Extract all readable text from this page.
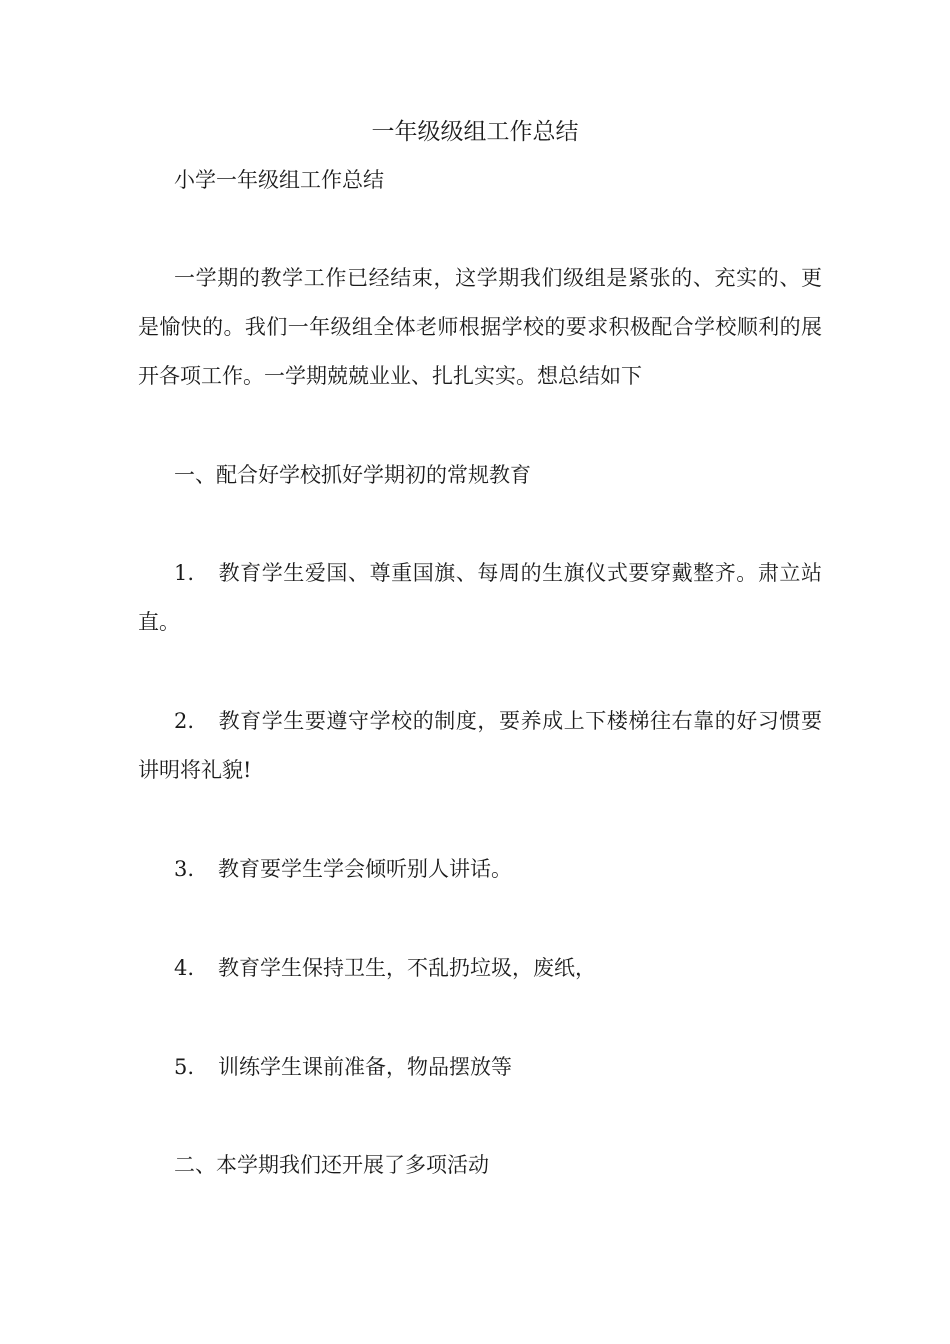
一年级级组工作总结

小学一年级组工作总结

一学期的教学工作已经结束，这学期我们级组是紧张的、充实的、更是愉快的。我们一年级组全体老师根据学校的要求积极配合学校顺利的展开各项工作。一学期兢兢业业、扎扎实实。想总结如下

一、配合好学校抓好学期初的常规教育

1. 教育学生爱国、尊重国旗、每周的生旗仪式要穿戴整齐。肃立站直。

2. 教育学生要遵守学校的制度，要养成上下楼梯往右靠的好习惯要讲明将礼貌!

3. 教育要学生学会倾听别人讲话。

4. 教育学生保持卫生，不乱扔垃圾，废纸，

5. 训练学生课前准备，物品摆放等

二、本学期我们还开展了多项活动
